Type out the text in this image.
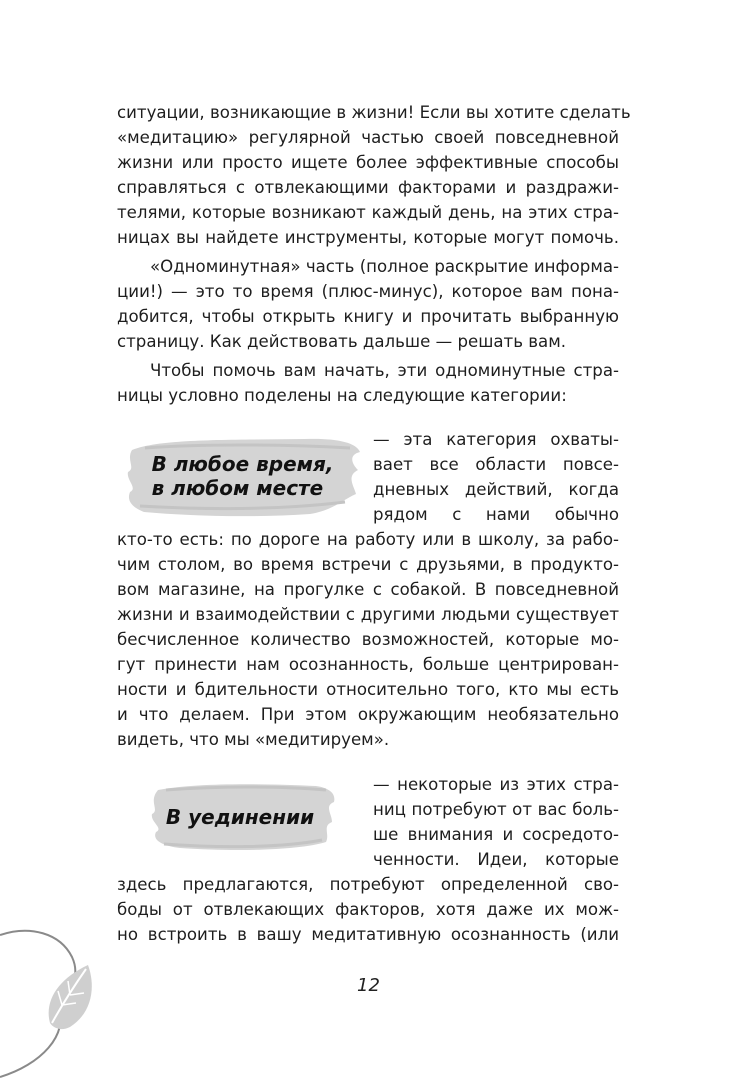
ситуации, возникающие в жизни! Если вы хотите сделать
«медитацию» регулярной частью своей повседневной
жизни или просто ищете более эффективные способы
справляться с отвлекающими факторами и раздражи-
телями, которые возникают каждый день, на этих стра-
ницах вы найдете инструменты, которые могут помочь.
«Одноминутная» часть (полное раскрытие информа-
ции!) — это то время (плюс-минус), которое вам пона-
добится, чтобы открыть книгу и прочитать выбранную
страницу. Как действовать дальше — решать вам.
Чтобы помочь вам начать, эти одноминутные стра-
ницы условно поделены на следующие категории:
В любое время,
в любом месте
— эта категория охваты-
вает все области повсе-
дневных действий, когда
рядом с нами обычно
кто-то есть: по дороге на работу или в школу, за рабо-
чим столом, во время встречи с друзьями, в продукто-
вом магазине, на прогулке с собакой. В повседневной
жизни и взаимодействии с другими людьми существует
бесчисленное количество возможностей, которые мо-
гут принести нам осознанность, больше центрирован-
ности и бдительности относительно того, кто мы есть
и что делаем. При этом окружающим необязательно
видеть, что мы «медитируем».
В уединении
— некоторые из этих стра-
ниц потребуют от вас боль-
ше внимания и сосредото-
ченности. Идеи, которые
здесь предлагаются, потребуют определенной сво-
боды от отвлекающих факторов, хотя даже их мож-
но встроить в вашу медитативную осознанность (или
12
